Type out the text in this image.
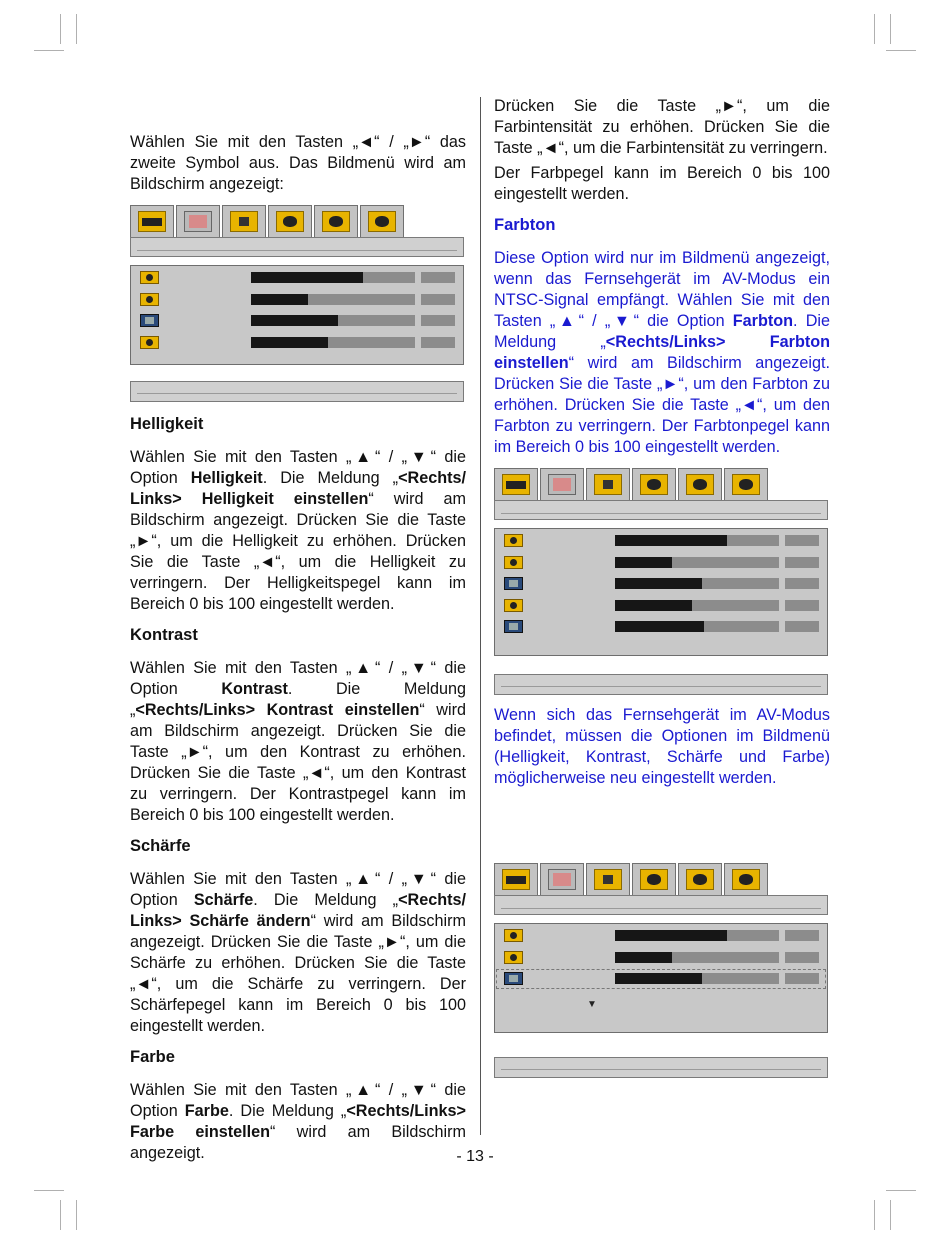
Wählen Sie mit den Tasten „◄“ / „►“ das zweite Symbol aus. Das Bildmenü wird am Bildschirm angezeigt:

Helligkeit

Wählen Sie mit den Tasten „▲“ / „▼“ die Option Helligkeit. Die Meldung „<Rechts/ Links> Helligkeit einstellen“ wird am Bildschirm angezeigt. Drücken Sie die Taste „►“, um die Helligkeit zu erhöhen. Drücken Sie die Taste „◄“, um die Helligkeit zu verringern. Der Helligkeitspegel kann im Bereich 0 bis 100 eingestellt werden.

Kontrast

Wählen Sie mit den Tasten „▲“ / „▼“ die Option Kontrast. Die Meldung „<Rechts/Links> Kontrast einstellen“ wird am Bildschirm angezeigt. Drücken Sie die Taste „►“, um den Kontrast zu erhöhen. Drücken Sie die Taste „◄“, um den Kontrast zu verringern. Der Kontrastpegel kann im Bereich 0 bis 100 eingestellt werden.

Schärfe

Wählen Sie mit den Tasten „▲“ / „▼“ die Option Schärfe. Die Meldung „<Rechts/ Links> Schärfe ändern“ wird am Bildschirm angezeigt. Drücken Sie die Taste „►“, um die Schärfe zu erhöhen. Drücken Sie die Taste „◄“, um die Schärfe zu verringern. Der Schärfepegel kann im Bereich 0 bis 100 eingestellt werden.

Farbe

Wählen Sie mit den Tasten „▲“ / „▼“ die Option Farbe. Die Meldung „<Rechts/Links> Farbe einstellen“ wird am Bildschirm angezeigt.

Drücken Sie die Taste „►“, um die Farbintensität zu erhöhen. Drücken Sie die Taste „◄“, um die Farbintensität zu verringern.

Der Farbpegel kann im Bereich 0 bis 100 eingestellt werden.

Farbton

Diese Option wird nur im Bildmenü angezeigt, wenn das Fernsehgerät im AV-Modus ein NTSC-Signal empfängt. Wählen Sie mit den Tasten „▲“ / „▼“ die Option Farbton. Die Meldung „<Rechts/Links> Farbton einstellen“ wird am Bildschirm angezeigt. Drücken Sie die Taste „►“, um den Farbton zu erhöhen. Drücken Sie die Taste „◄“, um den Farbton zu verringern. Der Farbtonpegel kann im Bereich 0 bis 100 eingestellt werden.

Wenn sich das Fernsehgerät im AV-Modus befindet, müssen die Optionen im Bildmenü (Helligkeit, Kontrast, Schärfe und Farbe) möglicherweise neu eingestellt werden.

▼
- 13 -
